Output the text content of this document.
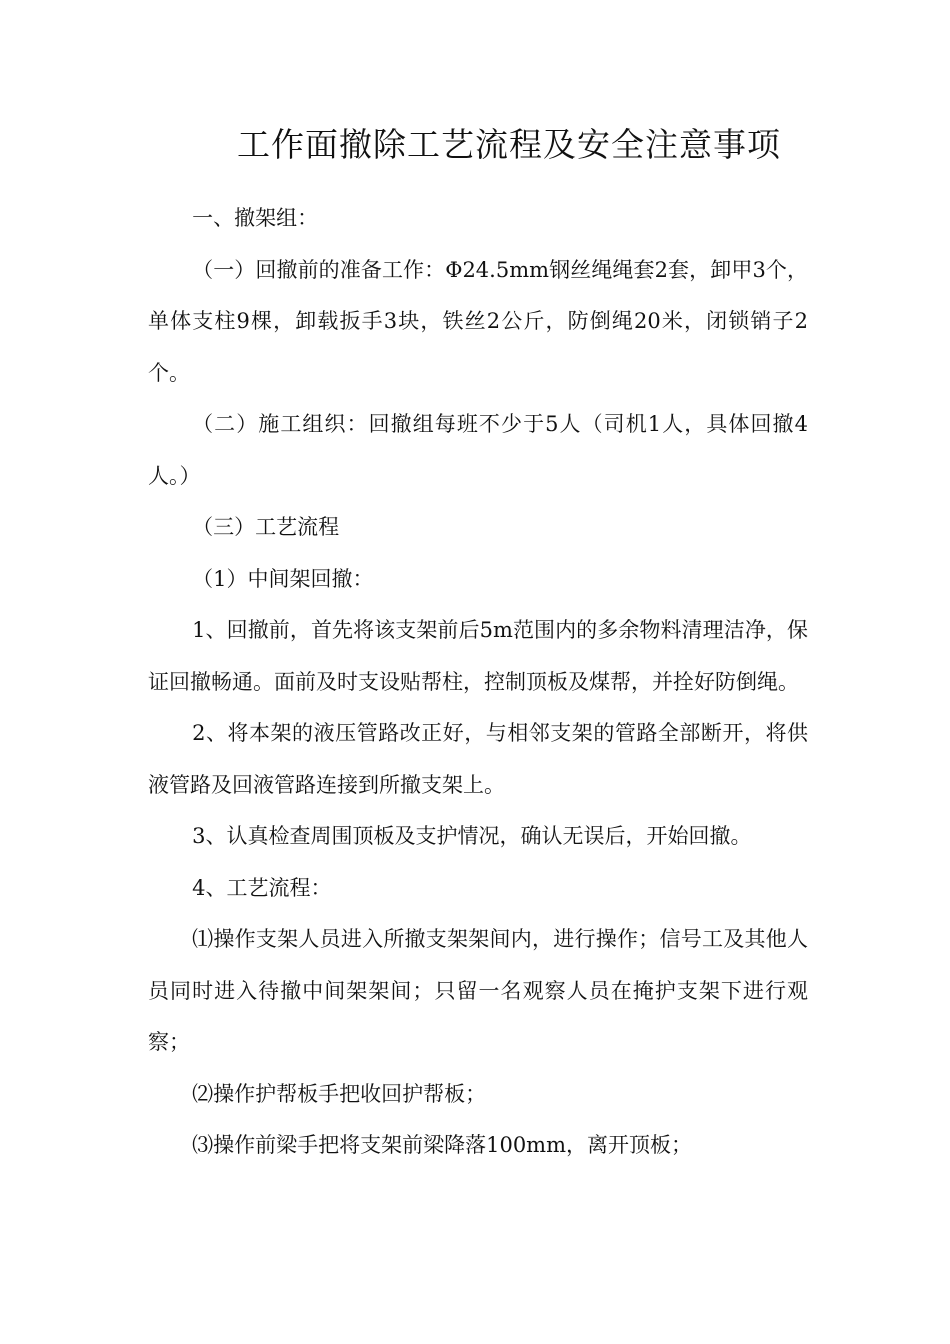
工作面撤除工艺流程及安全注意事项

一、撤架组：

（一）回撤前的准备工作：Φ24.5mm钢丝绳绳套2套，卸甲3个，单体支柱9棵，卸载扳手3块，铁丝2公斤，防倒绳20米，闭锁销子2个。

（二）施工组织：回撤组每班不少于5人（司机1人，具体回撤4人。）

（三）工艺流程

（1）中间架回撤：

1、回撤前，首先将该支架前后5m范围内的多余物料清理洁净，保证回撤畅通。面前及时支设贴帮柱，控制顶板及煤帮，并拴好防倒绳。

2、将本架的液压管路改正好，与相邻支架的管路全部断开，将供液管路及回液管路连接到所撤支架上。

3、认真检查周围顶板及支护情况，确认无误后，开始回撤。

4、工艺流程：

⑴操作支架人员进入所撤支架架间内，进行操作；信号工及其他人员同时进入待撤中间架架间；只留一名观察人员在掩护支架下进行观察；

⑵操作护帮板手把收回护帮板；

⑶操作前梁手把将支架前梁降落100mm，离开顶板；
